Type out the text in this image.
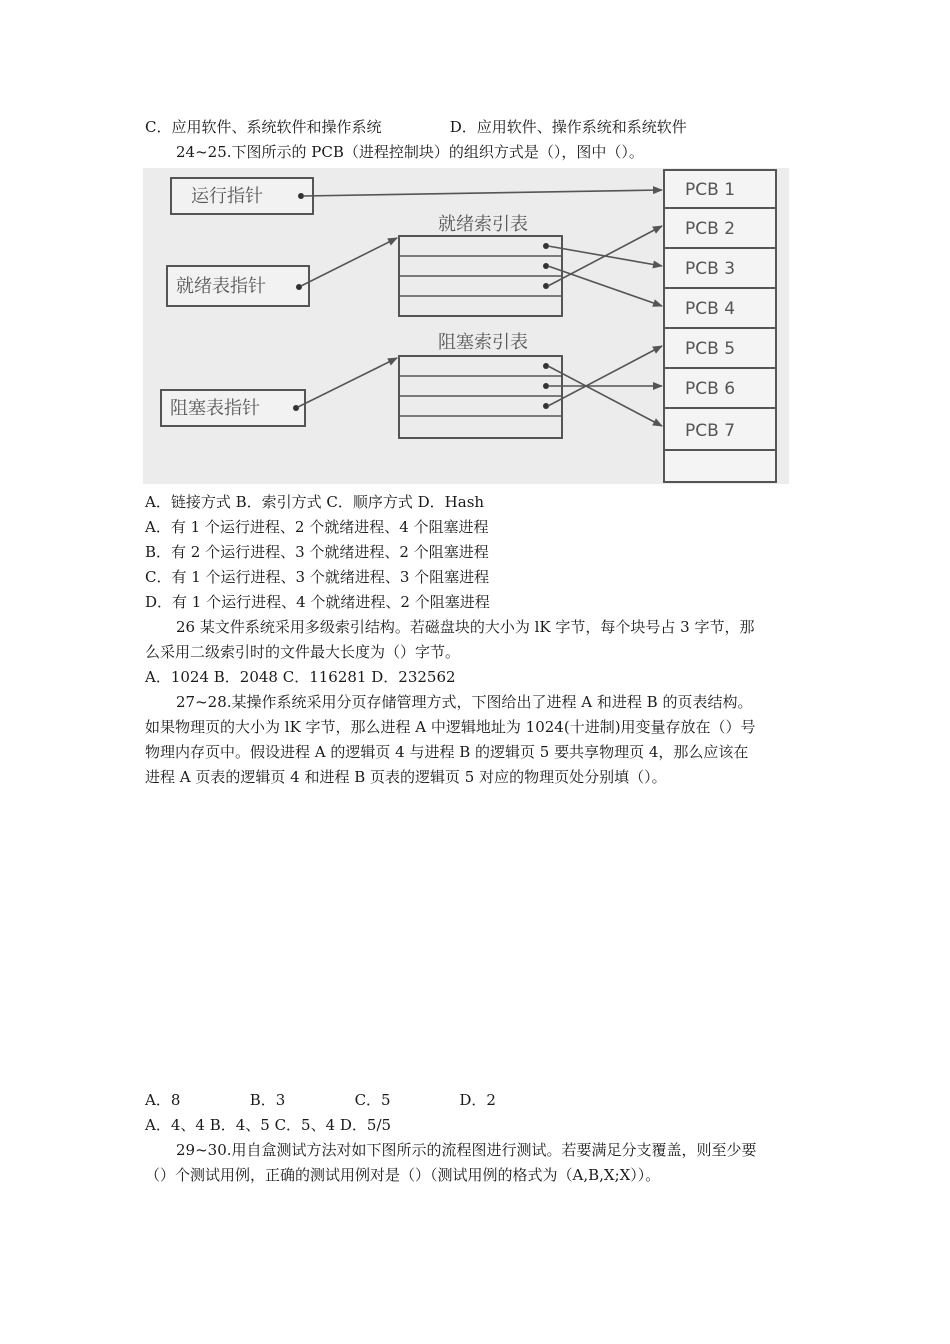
C．应用软件、系统软件和操作系统	D．应用软件、操作系统和系统软件
24~25.下图所示的 PCB（进程控制块）的组织方式是（），图中（）。
运行指针
就绪表指针
阻塞表指针
就绪索引表
阻塞索引表
PCB 1
PCB 2
PCB 3
PCB 4
PCB 5
PCB 6
PCB 7
A．链接方式 B．索引方式 C．顺序方式 D．Hash
A．有 1 个运行进程、2 个就绪进程、4 个阻塞进程
B．有 2 个运行进程、3 个就绪进程、2 个阻塞进程
C．有 1 个运行进程、3 个就绪进程、3 个阻塞进程
D．有 1 个运行进程、4 个就绪进程、2 个阻塞进程
26 某文件系统采用多级索引结构。若磁盘块的大小为 lK 字节，每个块号占 3 字节，那
么采用二级索引时的文件最大长度为（）字节。
A．1024 B．2048 C．116281 D．232562
27~28.某操作系统采用分页存储管理方式，下图给出了进程 A 和进程 B 的页表结构。
如果物理页的大小为 lK 字节，那么进程 A 中逻辑地址为 1024(十进制)用变量存放在（）号
物理内存页中。假设进程 A 的逻辑页 4 与进程 B 的逻辑页 5 要共享物理页 4，那么应该在
进程 A 页表的逻辑页 4 和进程 B 页表的逻辑页 5 对应的物理页处分别填（）。
A．8	B．3	C．5	D．2
A．4、4 B．4、5 C．5、4 D．5/5
29~30.用自盒测试方法对如下图所示的流程图进行测试。若要满足分支覆盖，则至少要
（）个测试用例，正确的测试用例对是（）（测试用例的格式为（A,B,X;X））。
